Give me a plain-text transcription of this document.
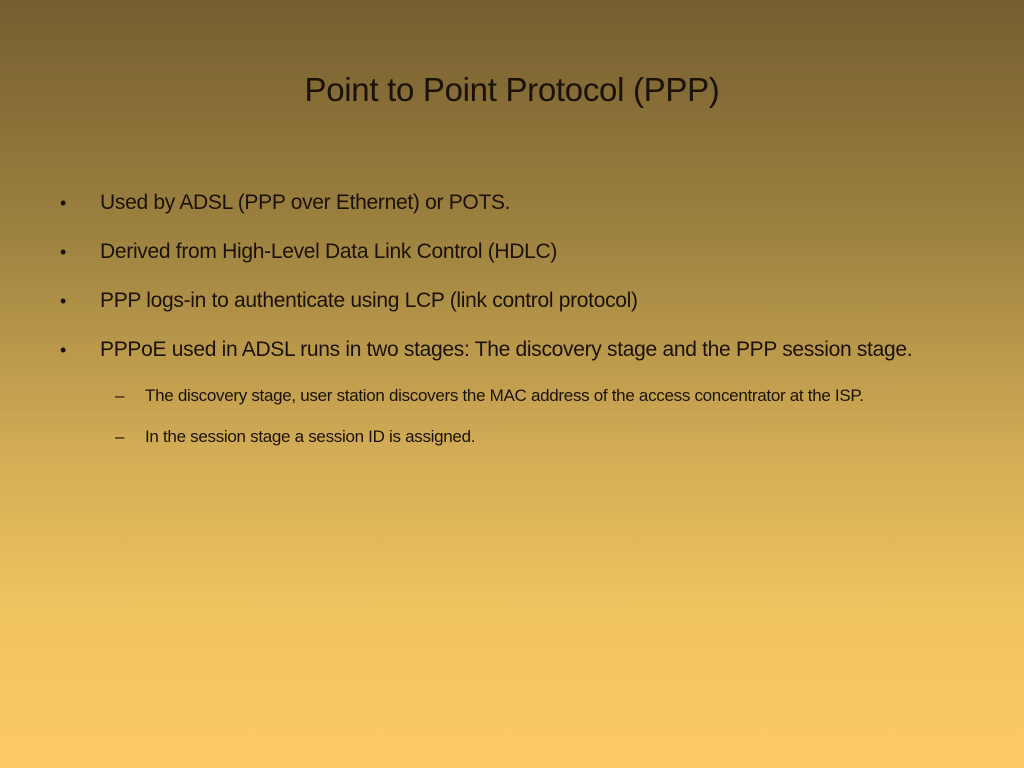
Point to Point Protocol (PPP)
•	Used by ADSL (PPP over Ethernet) or POTS.
•	Derived from High-Level Data Link Control (HDLC)
•	PPP logs-in to authenticate using LCP (link control protocol)
•	PPPoE used in ADSL runs in two stages: The discovery stage and the PPP session stage.
– The discovery stage, user station discovers the MAC address of the access concentrator at the ISP.
– In the session stage a session ID is assigned.
